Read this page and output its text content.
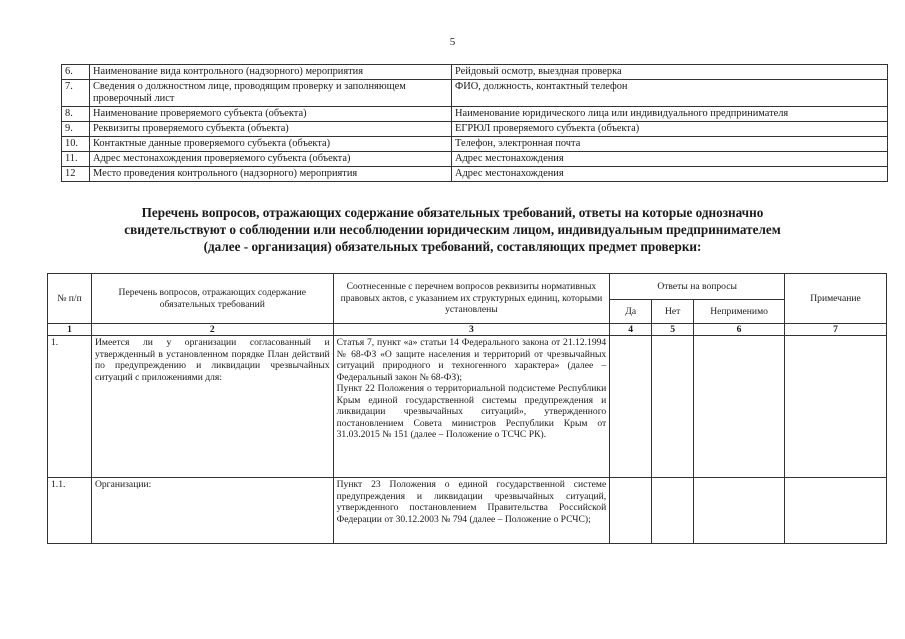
5
6.	Наименование вида контрольного (надзорного) мероприятия	Рейдовый осмотр, выездная проверка
7.	Сведения о должностном лице, проводящим проверку и заполняющем проверочный лист	ФИО, должность, контактный телефон
8.	Наименование проверяемого субъекта (объекта)	Наименование юридического лица или индивидуального предпринимателя
9.	Реквизиты проверяемого субъекта (объекта)	ЕГРЮЛ проверяемого субъекта (объекта)
10.	Контактные данные проверяемого субъекта (объекта)	Телефон, электронная почта
11.	Адрес местонахождения проверяемого субъекта (объекта)	Адрес местонахождения
12	Место проведения контрольного (надзорного) мероприятия	Адрес местонахождения
Перечень вопросов, отражающих содержание обязательных требований, ответы на которые однозначно
свидетельствуют о соблюдении или несоблюдении юридическим лицом, индивидуальным предпринимателем
(далее - организация) обязательных требований, составляющих предмет проверки:
№ п/п	Перечень вопросов, отражающих содержание обязательных требований	Соотнесенные с перечнем вопросов реквизиты нормативных правовых актов, с указанием их структурных единиц, которыми установлены	Ответы на вопросы			Примечание
			Да	Нет	Неприменимо	
1	2	3	4	5	6	7
1.	Имеется ли у организации согласованный и утвержденный в установленном порядке План действий по предупреждению и ликвидации чрезвычайных ситуаций с приложениями для:	Статья 7, пункт «а» статьи 14 Федерального закона от 21.12.1994 № 68-ФЗ «О защите населения и территорий от чрезвычайных ситуаций природного и техногенного характера» (далее – Федеральный закон № 68-ФЗ);
Пункт 22 Положения о территориальной подсистеме Республики Крым единой государственной системы предупреждения и ликвидации чрезвычайных ситуаций», утвержденного постановлением Совета министров Республики Крым от 31.03.2015 № 151 (далее – Положение о ТСЧС РК).				

1.1.	Организации:	Пункт 23 Положения о единой государственной системе предупреждения и ликвидации чрезвычайных ситуаций, утвержденного постановлением Правительства Российской Федерации от 30.12.2003 № 794 (далее – Положение о РСЧС);				
